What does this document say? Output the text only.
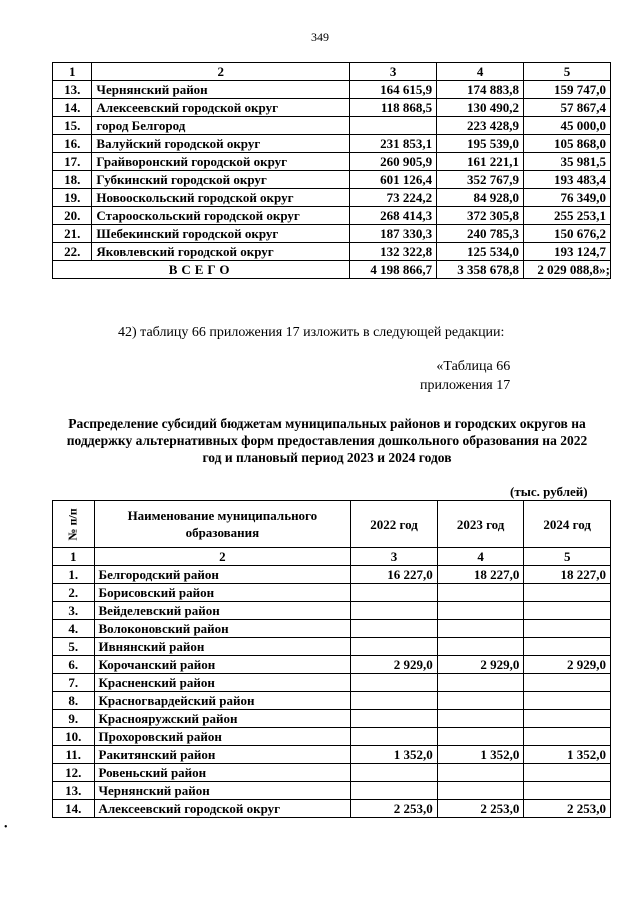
349
1	2	3	4	5
13.	Чернянский район	164 615,9	174 883,8	159 747,0
14.	Алексеевский городской округ	118 868,5	130 490,2	57 867,4
15.	город Белгород		223 428,9	45 000,0
16.	Валуйский городской округ	231 853,1	195 539,0	105 868,0
17.	Грайворонский городской округ	260 905,9	161 221,1	35 981,5
18.	Губкинский городской округ	601 126,4	352 767,9	193 483,4
19.	Новооскольский городской округ	73 224,2	84 928,0	76 349,0
20.	Старооскольский городской округ	268 414,3	372 305,8	255 253,1
21.	Шебекинский городской округ	187 330,3	240 785,3	150 676,2
22.	Яковлевский городской округ	132 322,8	125 534,0	193 124,7
ВСЕГО		4 198 866,7	3 358 678,8	2 029 088,8»;
42) таблицу 66 приложения 17 изложить в следующей редакции:
«Таблица 66
приложения 17
Распределение субсидий бюджетам муниципальных районов и городских округов на поддержку альтернативных форм предоставления дошкольного образования на 2022 год и плановый период 2023 и 2024 годов
(тыс. рублей)
№ п/п	Наименование муниципального образования	2022 год	2023 год	2024 год
1	2	3	4	5
1.	Белгородский район	16 227,0	18 227,0	18 227,0
2.	Борисовский район			
3.	Вейделевский район			
4.	Волоконовский район			
5.	Ивнянский район			
6.	Корочанский район	2 929,0	2 929,0	2 929,0
7.	Красненский район			
8.	Красногвардейский район			
9.	Краснояружский район			
10.	Прохоровский район			
11.	Ракитянский район	1 352,0	1 352,0	1 352,0
12.	Ровеньский район			
13.	Чернянский район			
14.	Алексеевский городской округ	2 253,0	2 253,0	2 253,0
•
